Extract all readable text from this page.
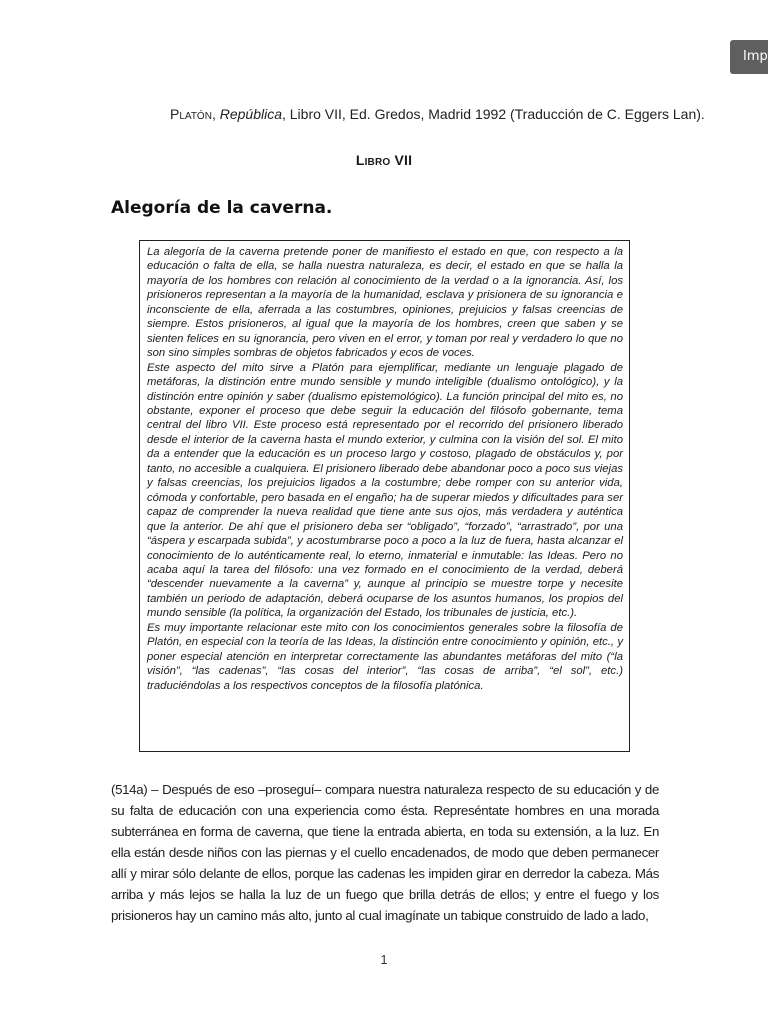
Imp
Platón, República, Libro VII, Ed. Gredos, Madrid 1992 (Traducción de C. Eggers Lan).
Libro VII
Alegoría de la caverna.

La alegoría de la caverna pretende poner de manifiesto el estado en que, con respecto a la educación o falta de ella, se halla nuestra naturaleza, es decir, el estado en que se halla la mayoría de los hombres con relación al conocimiento de la verdad o a la ignorancia. Así, los prisioneros representan a la mayoría de la humanidad, esclava y prisionera de su ignorancia e inconsciente de ella, aferrada a las costumbres, opiniones, prejuicios y falsas creencias de siempre. Estos prisioneros, al igual que la mayoría de los hombres, creen que saben y se sienten felices en su ignorancia, pero viven en el error, y toman por real y verdadero lo que no son sino simples sombras de objetos fabricados y ecos de voces.

Este aspecto del mito sirve a Platón para ejemplificar, mediante un lenguaje plagado de metáforas, la distinción entre mundo sensible y mundo inteligible (dualismo ontológico), y la distinción entre opinión y saber (dualismo epistemológico). La función principal del mito es, no obstante, exponer el proceso que debe seguir la educación del filósofo gobernante, tema central del libro VII. Este proceso está representado por el recorrido del prisionero liberado desde el interior de la caverna hasta el mundo exterior, y culmina con la visión del sol. El mito da a entender que la educación es un proceso largo y costoso, plagado de obstáculos y, por tanto, no accesible a cualquiera. El prisionero liberado debe abandonar poco a poco sus viejas y falsas creencias, los prejuicios ligados a la costumbre; debe romper con su anterior vida, cómoda y confortable, pero basada en el engaño; ha de superar miedos y dificultades para ser capaz de comprender la nueva realidad que tiene ante sus ojos, más verdadera y auténtica que la anterior. De ahí que el prisionero deba ser “obligado”, “forzado”, “arrastrado”, por una “áspera y escarpada subida”, y acostumbrarse poco a poco a la luz de fuera, hasta alcanzar el conocimiento de lo auténticamente real, lo eterno, inmaterial e inmutable: las Ideas. Pero no acaba aquí la tarea del filósofo: una vez formado en el conocimiento de la verdad, deberá “descender nuevamente a la caverna” y, aunque al principio se muestre torpe y necesite también un periodo de adaptación, deberá ocuparse de los asuntos humanos, los propios del mundo sensible (la política, la organización del Estado, los tribunales de justicia, etc.).

Es muy importante relacionar este mito con los conocimientos generales sobre la filosofía de Platón, en especial con la teoría de las Ideas, la distinción entre conocimiento y opinión, etc., y poner especial atención en interpretar correctamente las abundantes metáforas del mito (“la visión”, “las cadenas”, “las cosas del interior”, “las cosas de arriba”, “el sol”, etc.) traduciéndolas a los respectivos conceptos de la filosofía platónica.

(514a) – Después de eso –proseguí– compara nuestra naturaleza respecto de su educación y de su falta de educación con una experiencia como ésta. Represéntate hombres en una morada subterránea en forma de caverna, que tiene la entrada abierta, en toda su extensión, a la luz. En ella están desde niños con las piernas y el cuello encadenados, de modo que deben permanecer allí y mirar sólo delante de ellos, porque las cadenas les impiden girar en derredor la cabeza. Más arriba y más lejos se halla la luz de un fuego que brilla detrás de ellos; y entre el fuego y los prisioneros hay un camino más alto, junto al cual imagínate un tabique construido de lado a lado,

1
